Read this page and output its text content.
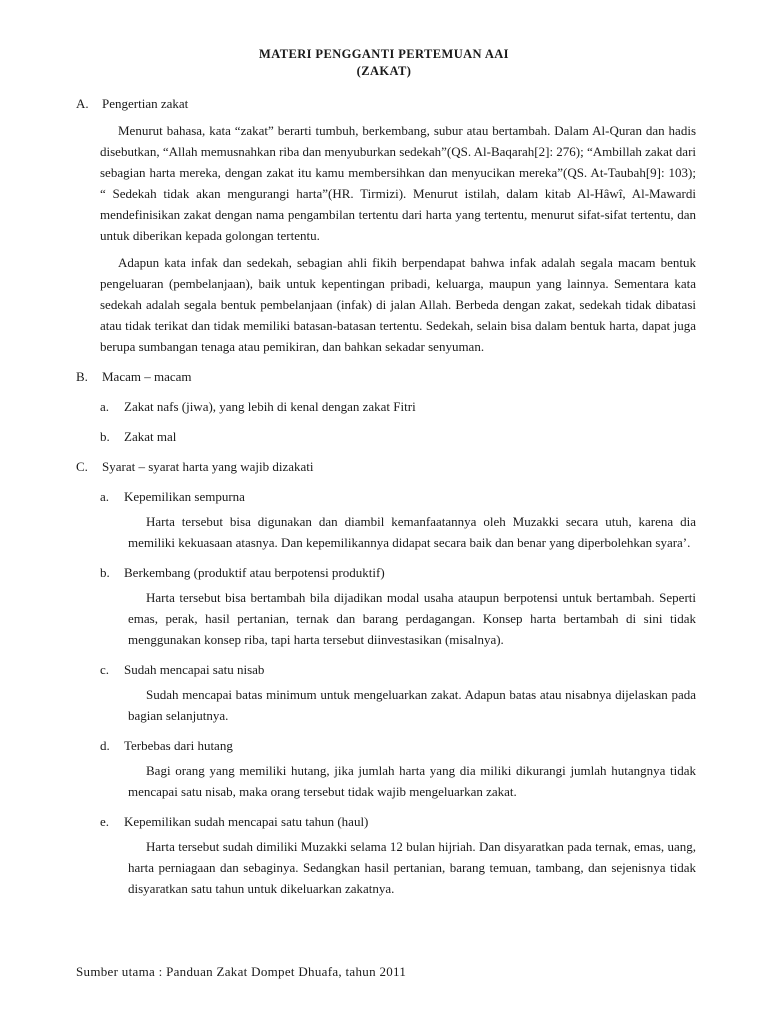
MATERI PENGGANTI PERTEMUAN AAI
(ZAKAT)
A. Pengertian zakat

Menurut bahasa, kata “zakat” berarti tumbuh, berkembang, subur atau bertambah. Dalam Al-Quran dan hadis disebutkan, “Allah memusnahkan riba dan menyuburkan sedekah”(QS. Al-Baqarah[2]: 276); “Ambillah zakat dari sebagian harta mereka, dengan zakat itu kamu membersihkan dan menyucikan mereka”(QS. At-Taubah[9]: 103); “ Sedekah tidak akan mengurangi harta”(HR. Tirmizi). Menurut istilah, dalam kitab Al-Hâwî, Al-Mawardi mendefinisikan zakat dengan nama pengambilan tertentu dari harta yang tertentu, menurut sifat-sifat tertentu, dan untuk diberikan kepada golongan tertentu.

Adapun kata infak dan sedekah, sebagian ahli fikih berpendapat bahwa infak adalah segala macam bentuk pengeluaran (pembelanjaan), baik untuk kepentingan pribadi, keluarga, maupun yang lainnya. Sementara kata sedekah adalah segala bentuk pembelanjaan (infak) di jalan Allah. Berbeda dengan zakat, sedekah tidak dibatasi atau tidak terikat dan tidak memiliki batasan-batasan tertentu. Sedekah, selain bisa dalam bentuk harta, dapat juga berupa sumbangan tenaga atau pemikiran, dan bahkan sekadar senyuman.

B. Macam – macam
a. Zakat nafs (jiwa), yang lebih di kenal dengan zakat Fitri
b. Zakat mal
C. Syarat – syarat harta yang wajib dizakati
a. Kepemilikan sempurna

Harta tersebut bisa digunakan dan diambil kemanfaatannya oleh Muzakki secara utuh, karena dia memiliki kekuasaan atasnya. Dan kepemilikannya didapat secara baik dan benar yang diperbolehkan syara’.

b. Berkembang (produktif atau berpotensi produktif)

Harta tersebut bisa bertambah bila dijadikan modal usaha ataupun berpotensi untuk bertambah. Seperti emas, perak, hasil pertanian, ternak dan barang perdagangan. Konsep harta bertambah di sini tidak menggunakan konsep riba, tapi harta tersebut diinvestasikan (misalnya).

c. Sudah mencapai satu nisab

Sudah mencapai batas minimum untuk mengeluarkan zakat. Adapun batas atau nisabnya dijelaskan pada bagian selanjutnya.

d. Terbebas dari hutang

Bagi orang yang memiliki hutang, jika jumlah harta yang dia miliki dikurangi jumlah hutangnya tidak mencapai satu nisab, maka orang tersebut tidak wajib mengeluarkan zakat.

e. Kepemilikan sudah mencapai satu tahun (haul)

Harta tersebut sudah dimiliki Muzakki selama 12 bulan hijriah. Dan disyaratkan pada ternak, emas, uang, harta perniagaan dan sebaginya. Sedangkan hasil pertanian, barang temuan, tambang, dan sejenisnya tidak disyaratkan satu tahun untuk dikeluarkan zakatnya.

Sumber utama : Panduan Zakat Dompet Dhuafa, tahun 2011
